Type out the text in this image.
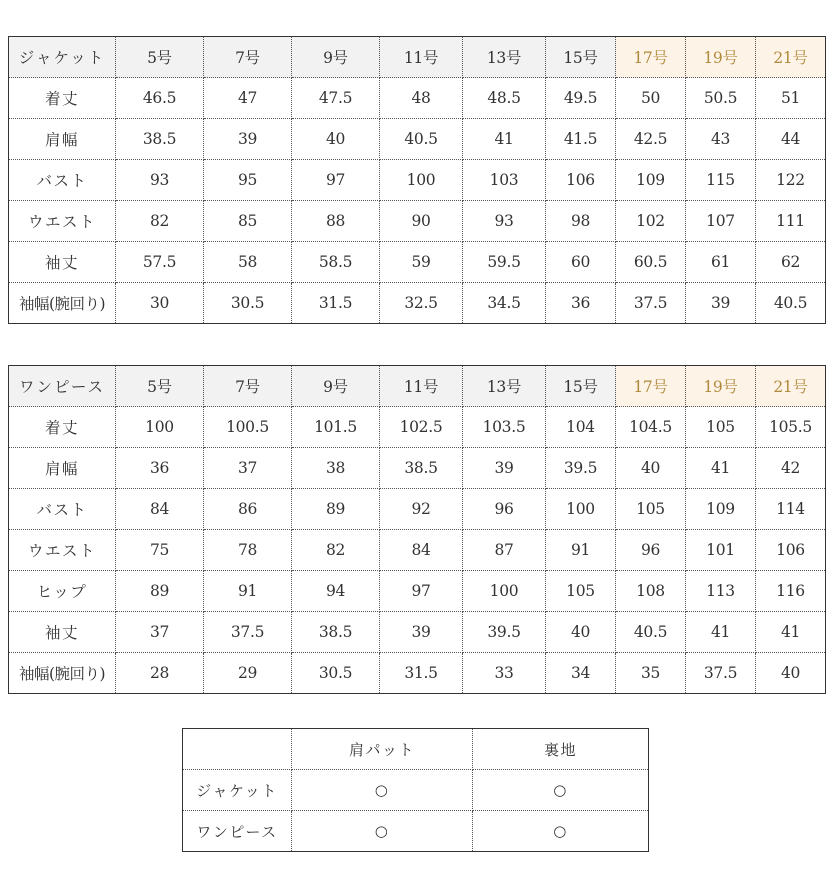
ジャケット	5号	7号	9号	11号	13号	15号	17号	19号	21号
着丈	46.5	47	47.5	48	48.5	49.5	50	50.5	51
肩幅	38.5	39	40	40.5	41	41.5	42.5	43	44
バスト	93	95	97	100	103	106	109	115	122
ウエスト	82	85	88	90	93	98	102	107	111
袖丈	57.5	58	58.5	59	59.5	60	60.5	61	62
袖幅(腕回り)	30	30.5	31.5	32.5	34.5	36	37.5	39	40.5
ワンピース	5号	7号	9号	11号	13号	15号	17号	19号	21号
着丈	100	100.5	101.5	102.5	103.5	104	104.5	105	105.5
肩幅	36	37	38	38.5	39	39.5	40	41	42
バスト	84	86	89	92	96	100	105	109	114
ウエスト	75	78	82	84	87	91	96	101	106
ヒップ	89	91	94	97	100	105	108	113	116
袖丈	37	37.5	38.5	39	39.5	40	40.5	41	41
袖幅(腕回り)	28	29	30.5	31.5	33	34	35	37.5	40
	肩パット	裏地
ジャケット	○	○
ワンピース	○	○
